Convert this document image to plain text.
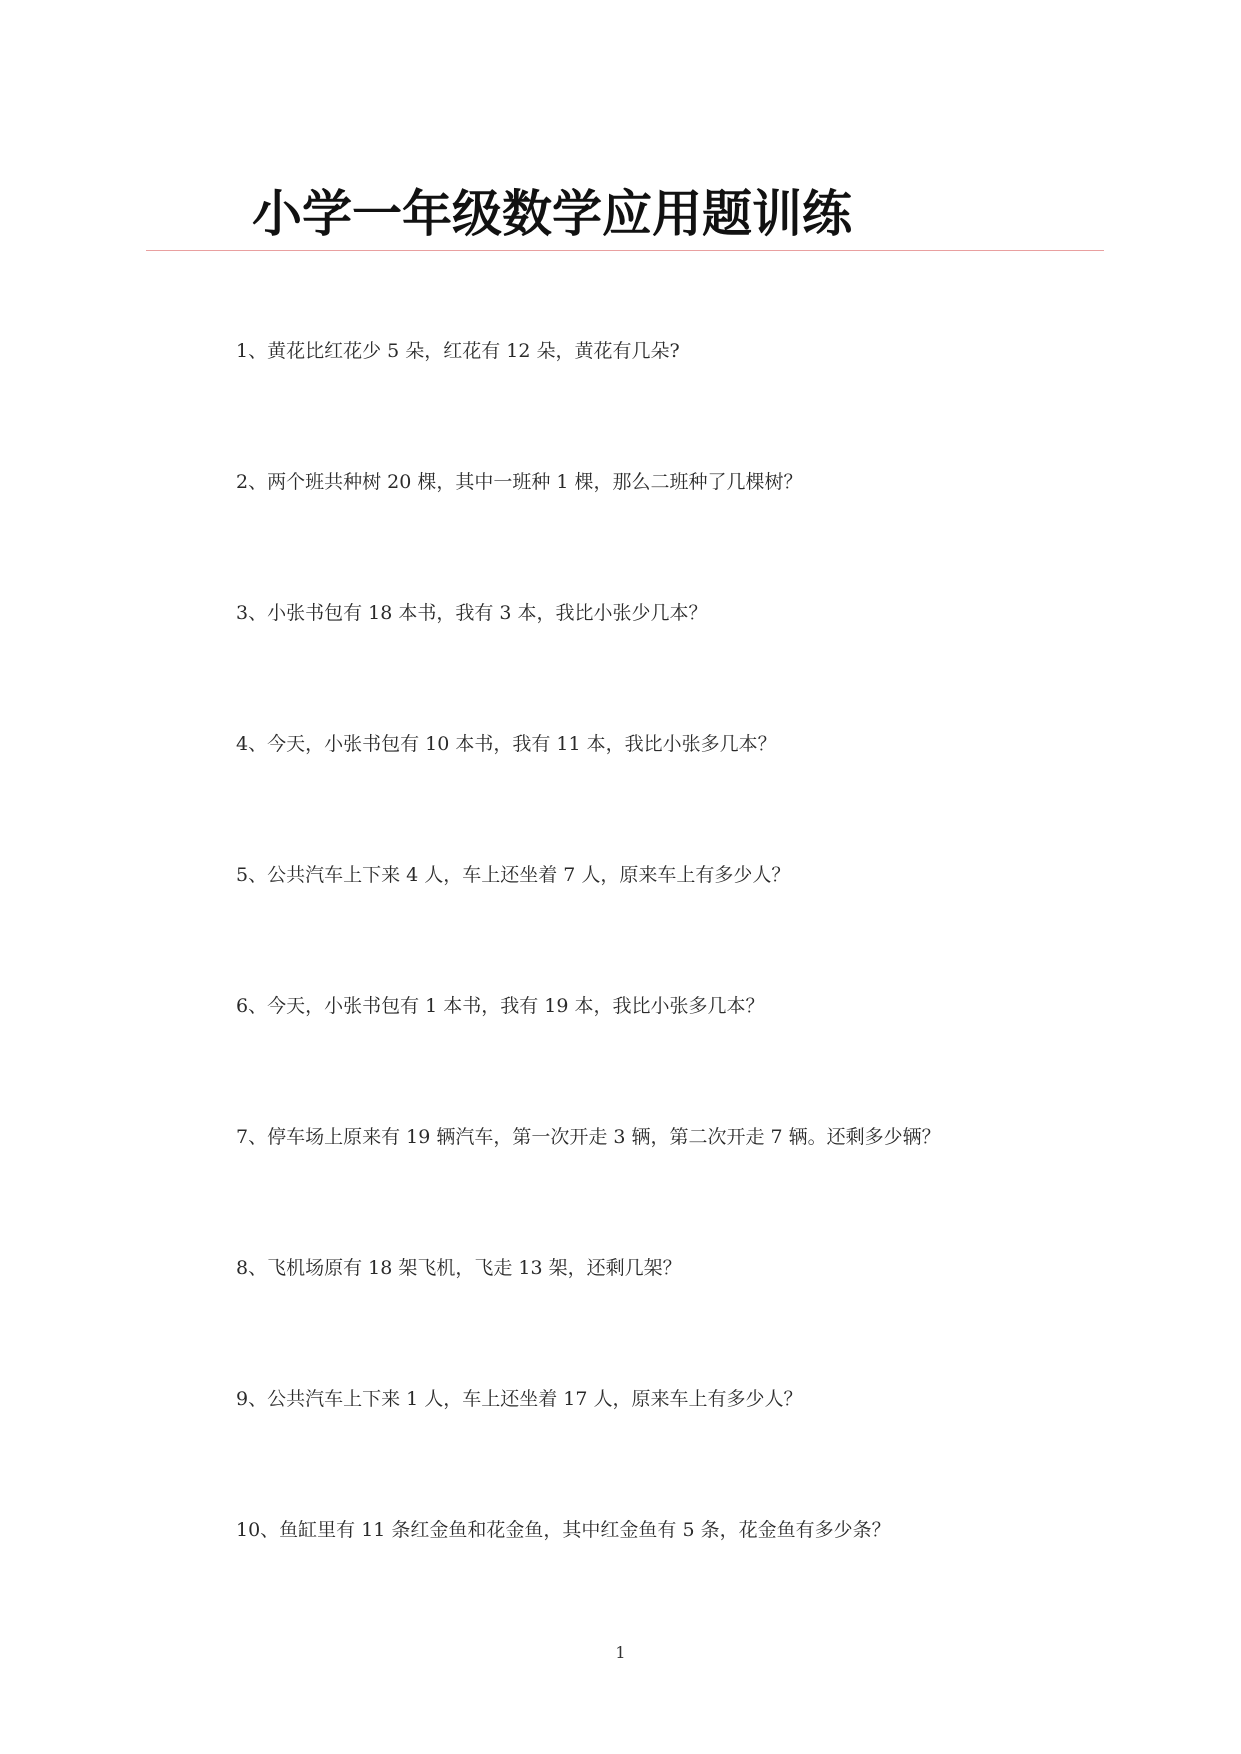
小学一年级数学应用题训练
1、黄花比红花少 5 朵，红花有 12 朵，黄花有几朵?
2、两个班共种树 20 棵，其中一班种 1 棵，那么二班种了几棵树？
3、小张书包有 18 本书，我有 3 本，我比小张少几本？
4、今天，小张书包有 10 本书，我有 11 本，我比小张多几本？
5、公共汽车上下来 4 人，车上还坐着 7 人，原来车上有多少人？
6、今天，小张书包有 1 本书，我有 19 本，我比小张多几本？
7、停车场上原来有 19 辆汽车，第一次开走 3 辆，第二次开走 7 辆。还剩多少辆？
8、飞机场原有 18 架飞机，飞走 13 架，还剩几架？
9、公共汽车上下来 1 人，车上还坐着 17 人，原来车上有多少人？
10、鱼缸里有 11 条红金鱼和花金鱼，其中红金鱼有 5 条，花金鱼有多少条？
1
